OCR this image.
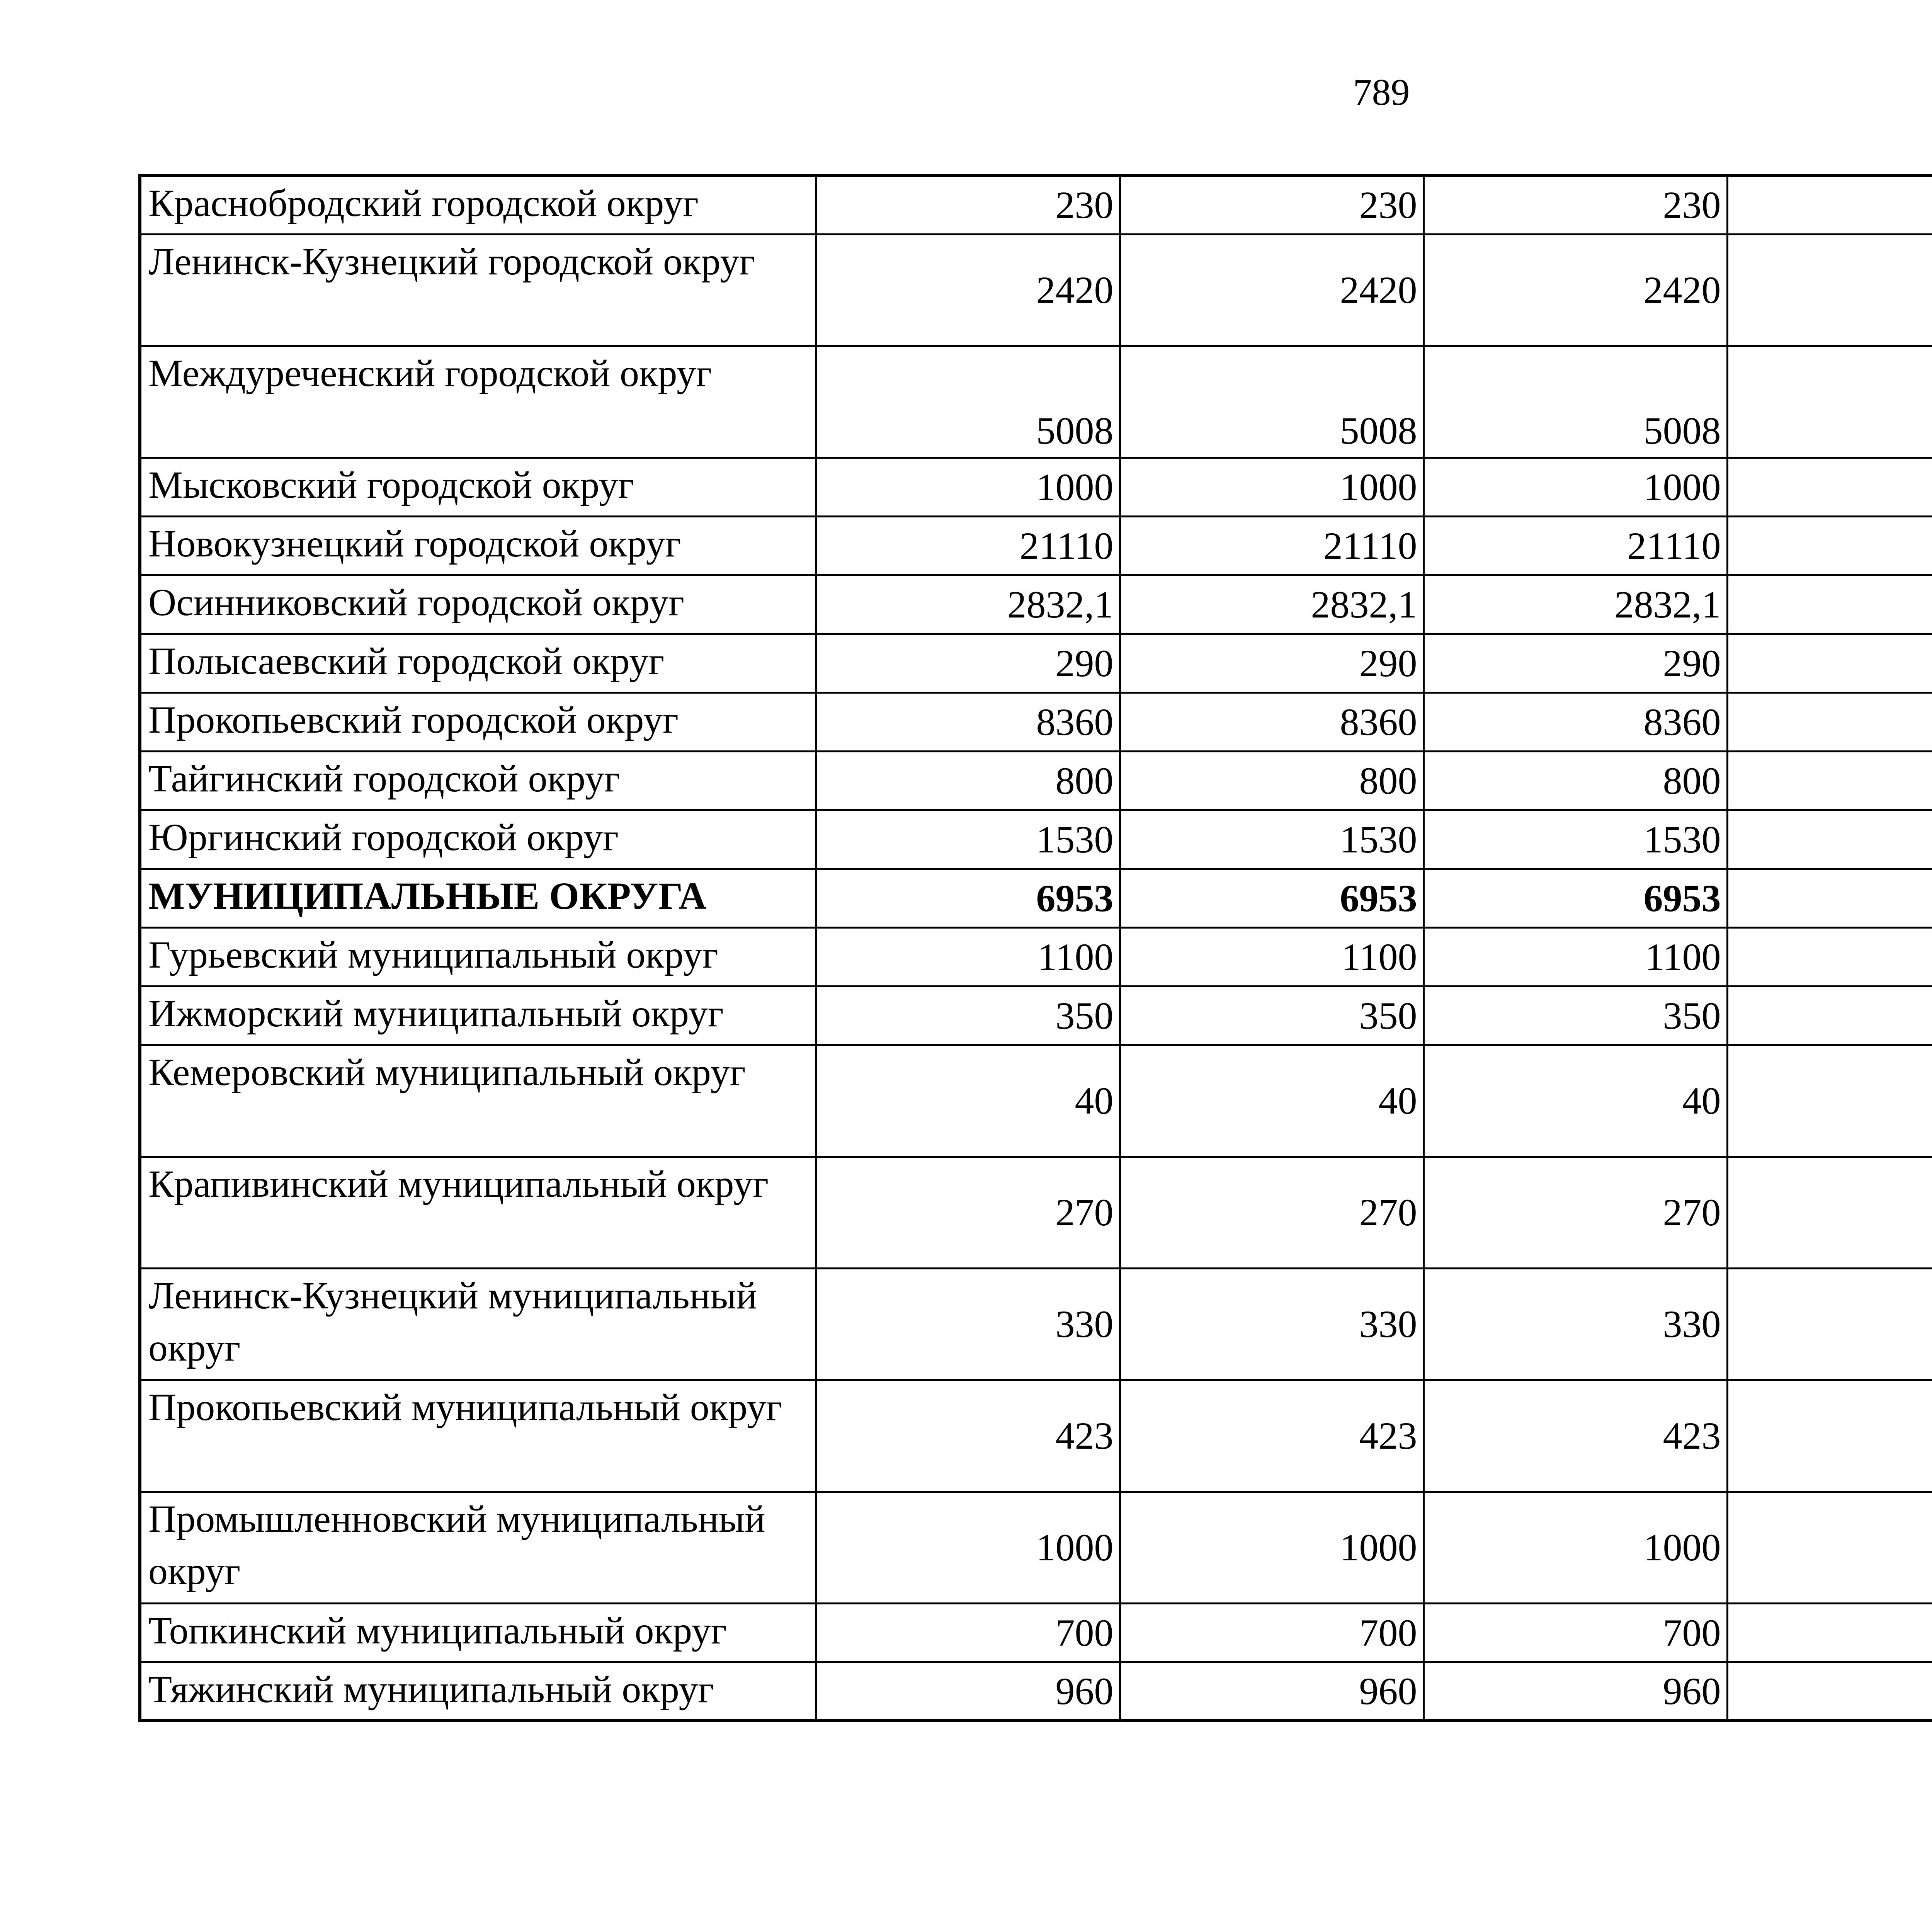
789
Краснобродский городской округ	230	230	230			
Ленинск-Кузнецкий городской округ	2420	2420	2420			
Междуреченский городской округ	5008	5008	5008			
Мысковский городской округ	1000	1000	1000			
Новокузнецкий городской округ	21110	21110	21110			
Осинниковский городской округ	2832,1	2832,1	2832,1			
Полысаевский городской округ	290	290	290			
Прокопьевский городской округ	8360	8360	8360			
Тайгинский городской округ	800	800	800			
Юргинский городской округ	1530	1530	1530			
МУНИЦИПАЛЬНЫЕ ОКРУГА	6953	6953	6953			
Гурьевский муниципальный округ	1100	1100	1100			
Ижморский муниципальный округ	350	350	350			
Кемеровский муниципальный округ	40	40	40			
Крапивинский муниципальный округ	270	270	270			
Ленинск-Кузнецкий муниципальный округ	330	330	330			
Прокопьевский муниципальный округ	423	423	423			
Промышленновский муниципальный округ	1000	1000	1000			
Топкинский муниципальный округ	700	700	700			
Тяжинский муниципальный округ	960	960	960			
